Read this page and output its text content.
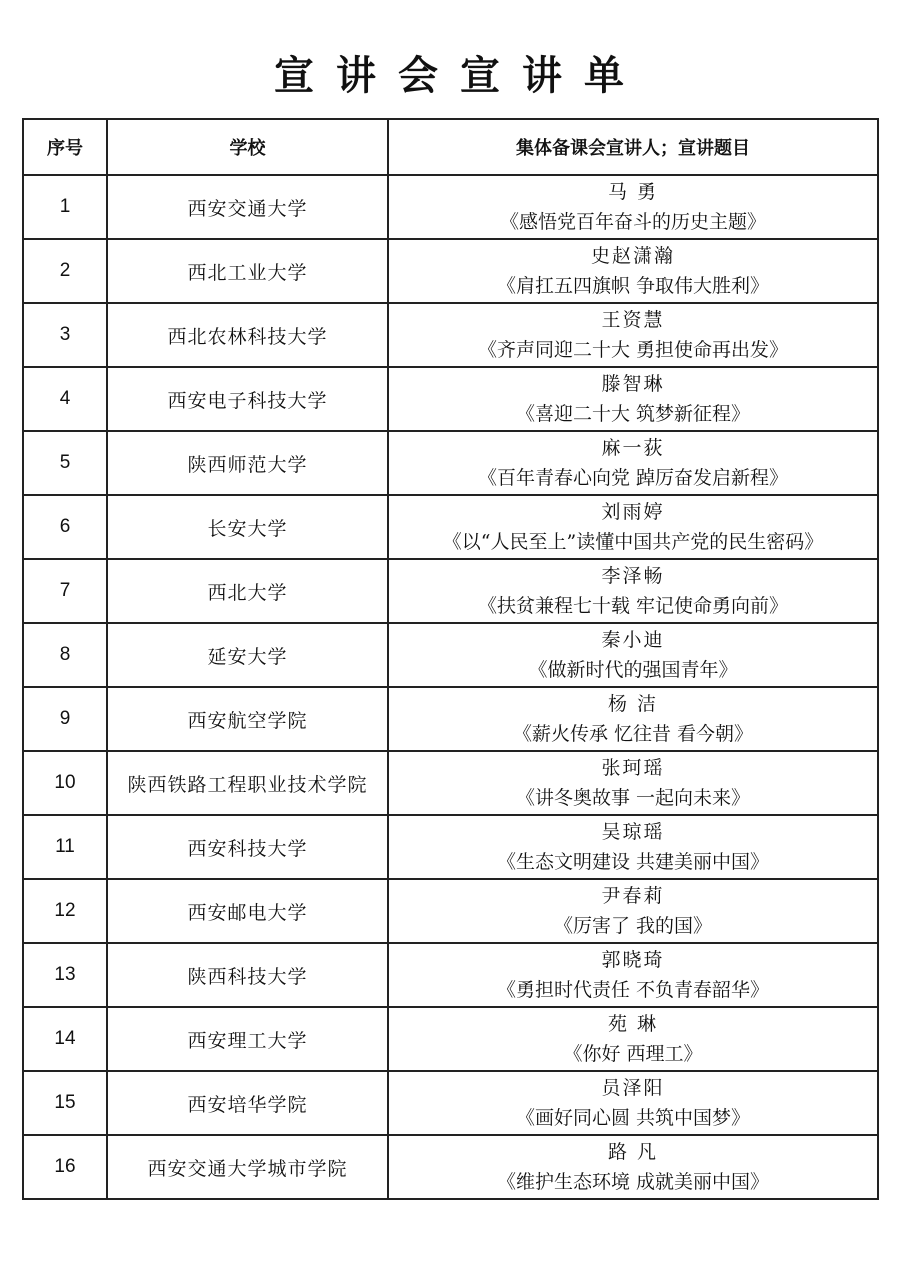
宣讲会宣讲单
序号	学校	集体备课会宣讲人；宣讲题目
1	西安交通大学	马 勇
《感悟党百年奋斗的历史主题》

2	西北工业大学	史赵潇瀚
《肩扛五四旗帜 争取伟大胜利》

3	西北农林科技大学	王资慧
《齐声同迎二十大 勇担使命再出发》

4	西安电子科技大学	滕智琳
《喜迎二十大 筑梦新征程》

5	陕西师范大学	麻一荻
《百年青春心向党 踔厉奋发启新程》

6	长安大学	刘雨婷
《以“人民至上”读懂中国共产党的民生密码》

7	西北大学	李泽畅
《扶贫兼程七十载 牢记使命勇向前》

8	延安大学	秦小迪
《做新时代的强国青年》

9	西安航空学院	杨 洁
《薪火传承 忆往昔 看今朝》

10	陕西铁路工程职业技术学院	张珂瑶
《讲冬奥故事 一起向未来》

11	西安科技大学	吴琼瑶
《生态文明建设 共建美丽中国》

12	西安邮电大学	尹春莉
《厉害了 我的国》

13	陕西科技大学	郭晓琦
《勇担时代责任 不负青春韶华》

14	西安理工大学	苑 琳
《你好 西理工》

15	西安培华学院	员泽阳
《画好同心圆 共筑中国梦》

16	西安交通大学城市学院	路 凡
《维护生态环境 成就美丽中国》
